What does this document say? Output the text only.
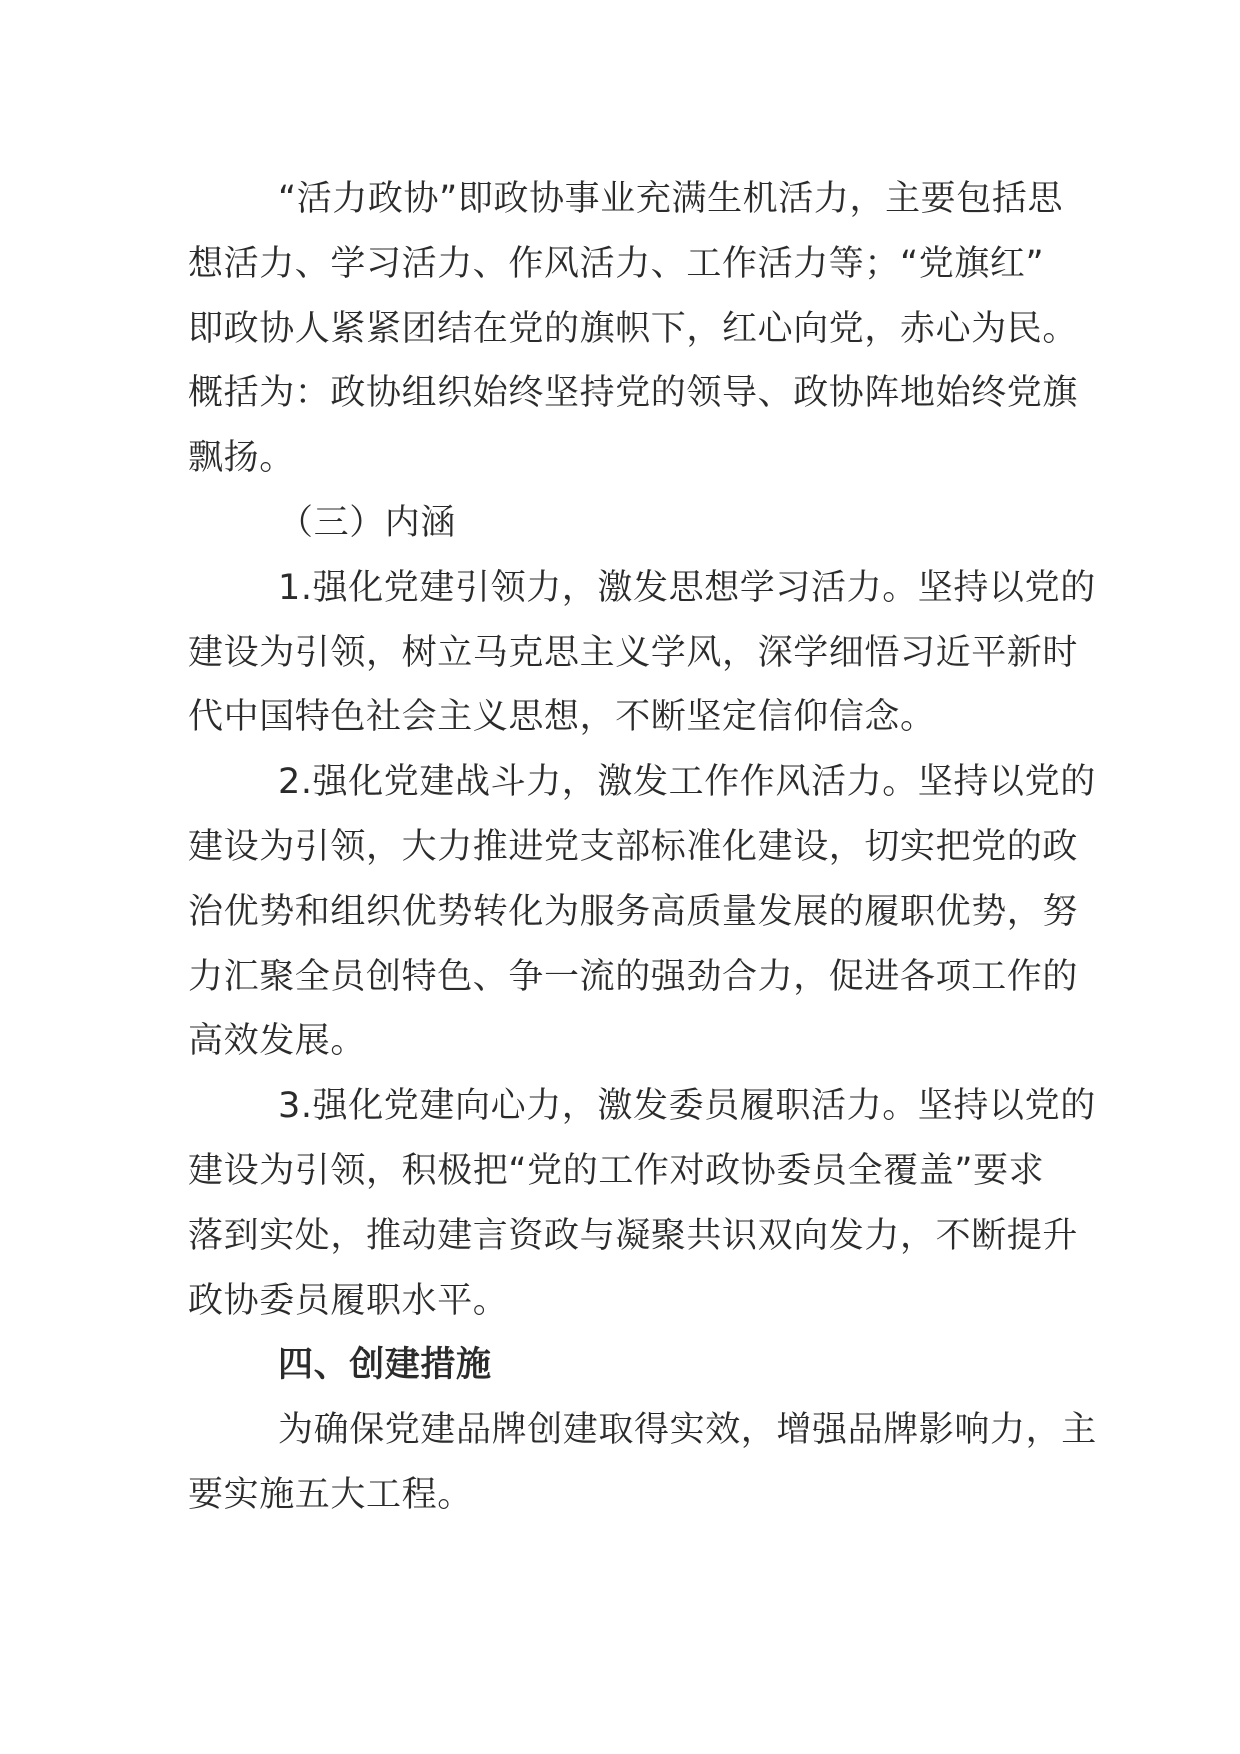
“活力政协”即政协事业充满生机活力，主要包括思
想活力、学习活力、作风活力、工作活力等；“党旗红”
即政协人紧紧团结在党的旗帜下，红心向党，赤心为民。
概括为：政协组织始终坚持党的领导、政协阵地始终党旗
飘扬。

（三）内涵

1.强化党建引领力，激发思想学习活力。坚持以党的
建设为引领，树立马克思主义学风，深学细悟习近平新时
代中国特色社会主义思想，不断坚定信仰信念。

2.强化党建战斗力，激发工作作风活力。坚持以党的
建设为引领，大力推进党支部标准化建设，切实把党的政
治优势和组织优势转化为服务高质量发展的履职优势，努
力汇聚全员创特色、争一流的强劲合力，促进各项工作的
高效发展。

3.强化党建向心力，激发委员履职活力。坚持以党的
建设为引领，积极把“党的工作对政协委员全覆盖”要求
落到实处，推动建言资政与凝聚共识双向发力，不断提升
政协委员履职水平。

四、创建措施

为确保党建品牌创建取得实效，增强品牌影响力，主
要实施五大工程。
